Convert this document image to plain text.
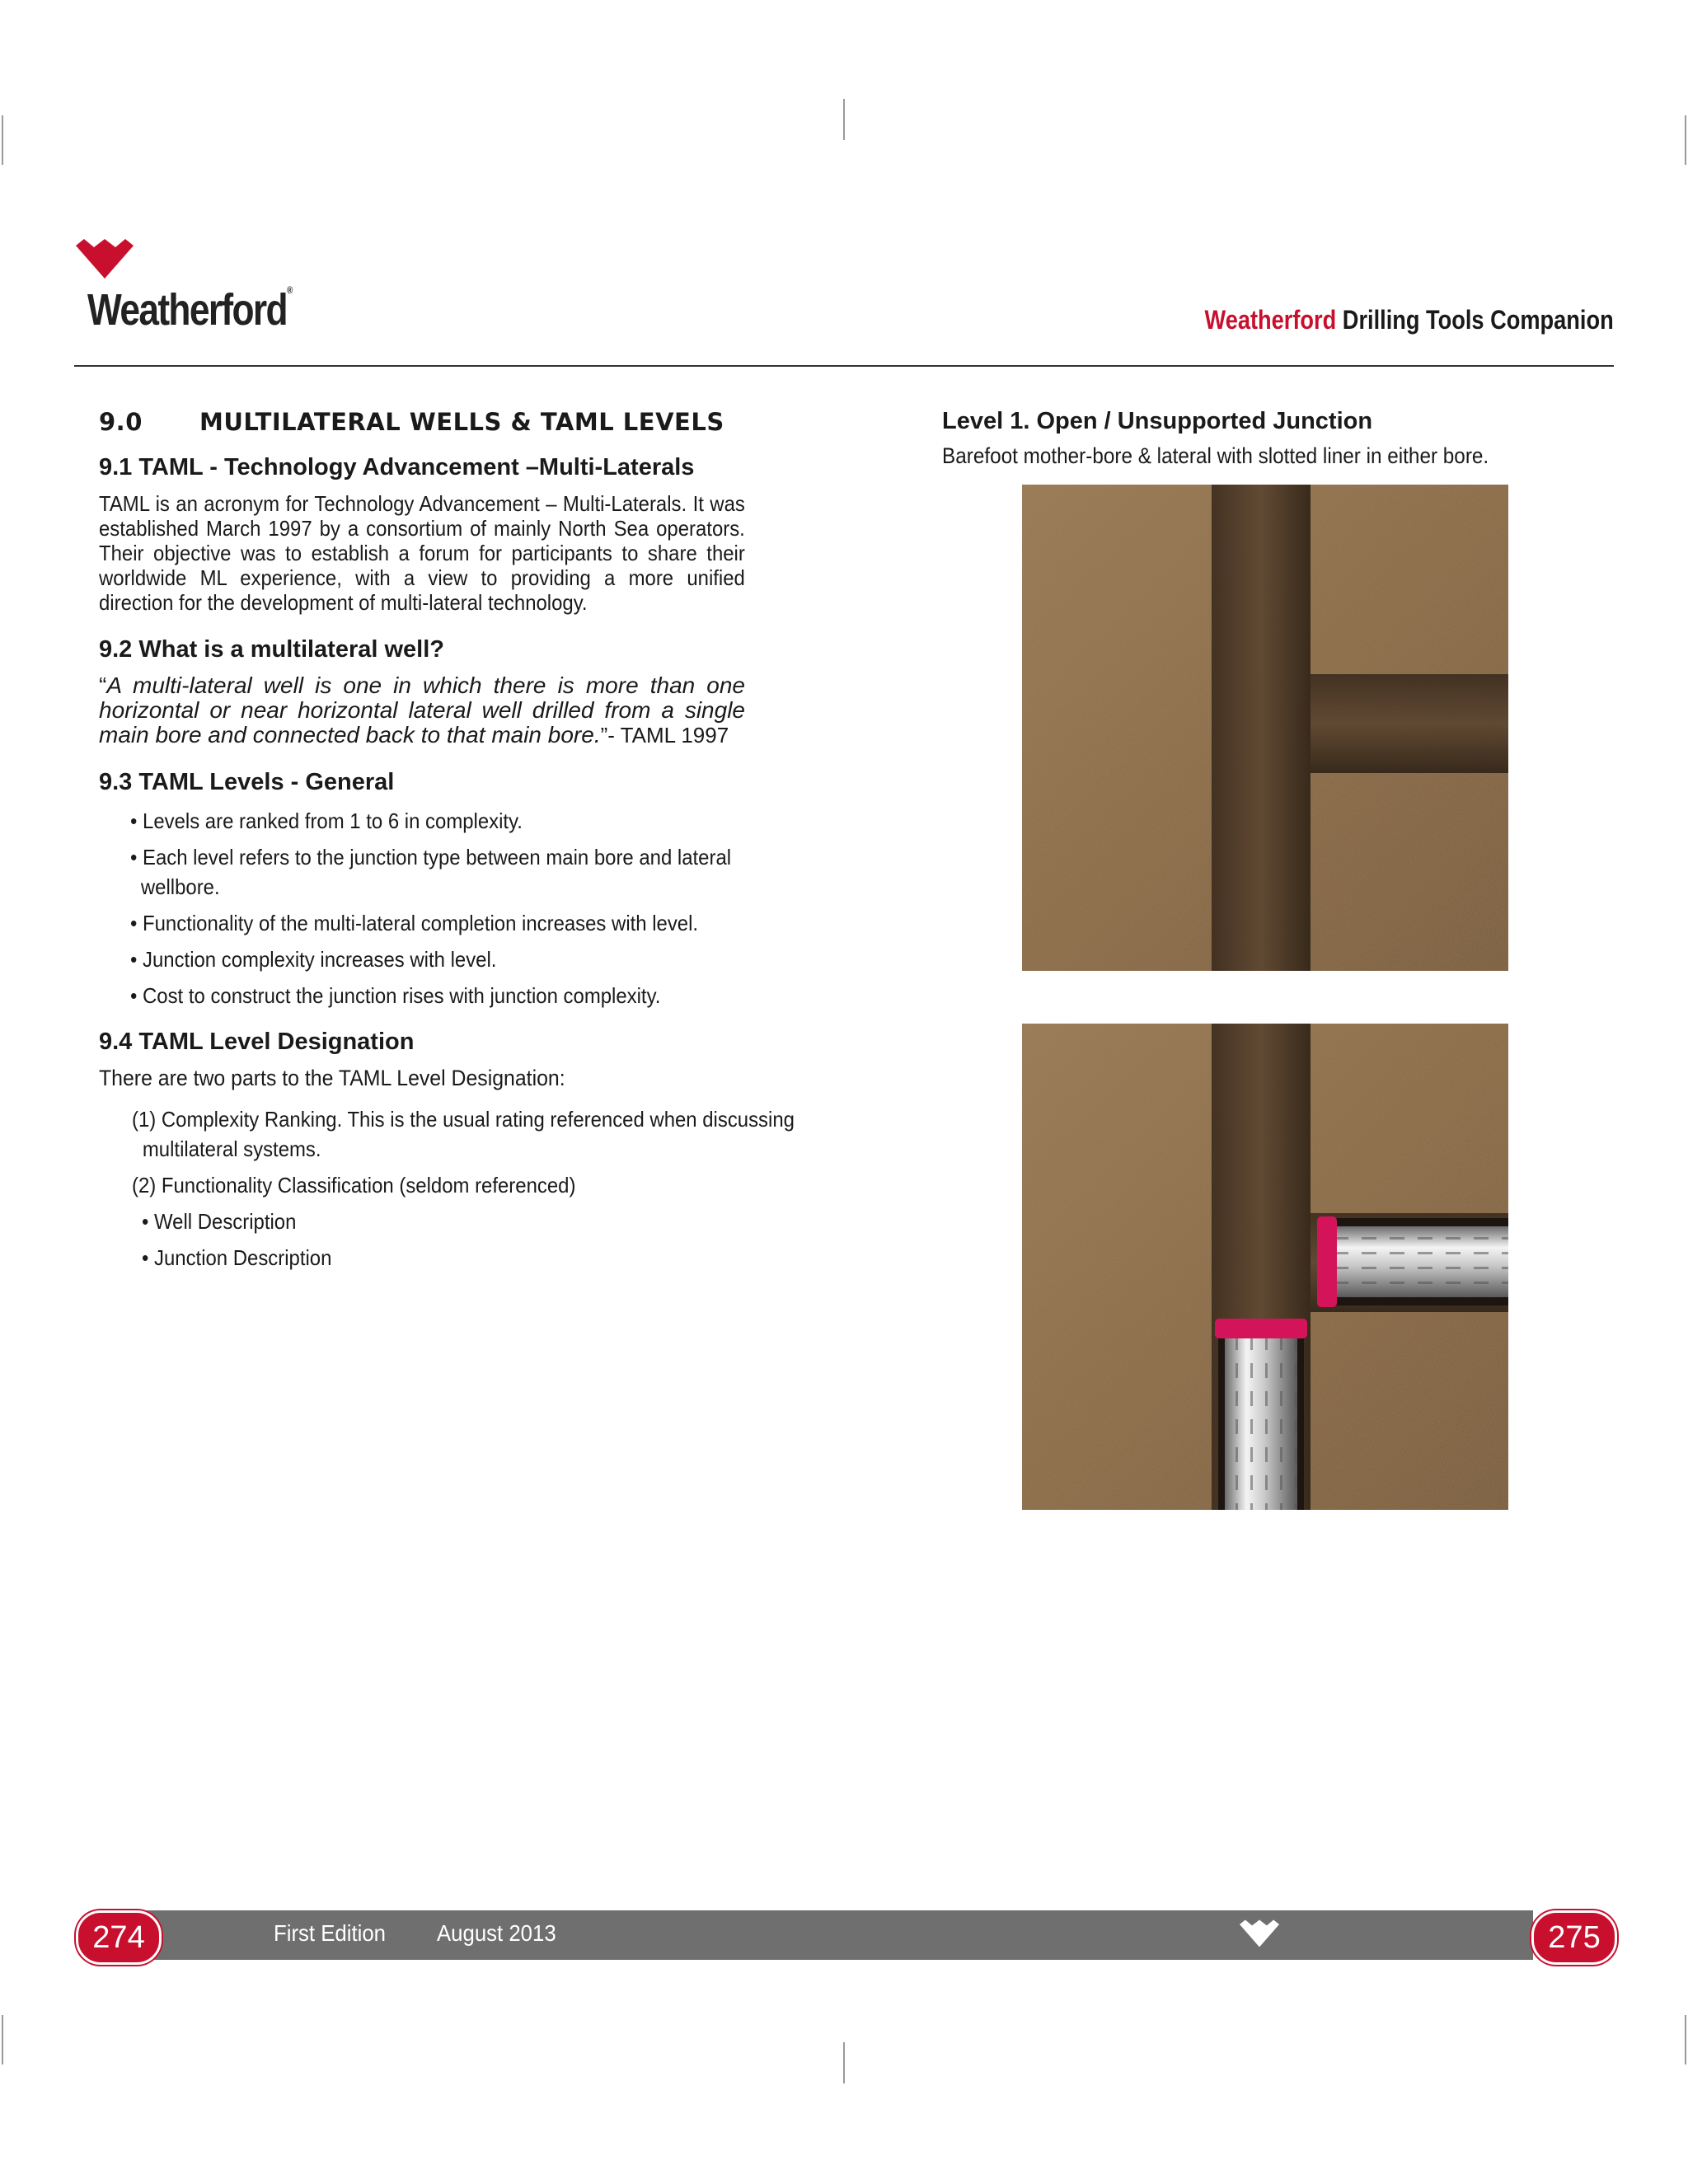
Weatherford®
Weatherford Drilling Tools Companion
9.0 MULTILATERAL WELLS & TAML LEVELS
9.1 TAML - Technology Advancement –Multi-Laterals

TAML is an acronym for Technology Advancement – Multi-Laterals. It was established March 1997 by a consortium of mainly North Sea operators. Their objective was to establish a forum for participants to share their worldwide ML experience, with a view to providing a more unified direction for the development of multi-lateral technology.

9.2 What is a multilateral well?

“A multi-lateral well is one in which there is more than one horizontal or near horizontal lateral well drilled from a single main bore and connected back to that main bore.”- TAML 1997

9.3 TAML Levels - General
• Levels are ranked from 1 to 6 in complexity.
• Each level refers to the junction type between main bore and lateral wellbore.
• Functionality of the multi-lateral completion increases with level.
• Junction complexity increases with level.
• Cost to construct the junction rises with junction complexity.
9.4 TAML Level Designation

There are two parts to the TAML Level Designation:

(1) Complexity Ranking. This is the usual rating referenced when discussing multilateral systems.
(2) Functionality Classification (seldom referenced)
• Well Description
• Junction Description
Level 1. Open / Unsupported Junction

Barefoot mother-bore & lateral with slotted liner in either bore.

274	275
First Edition August 2013
